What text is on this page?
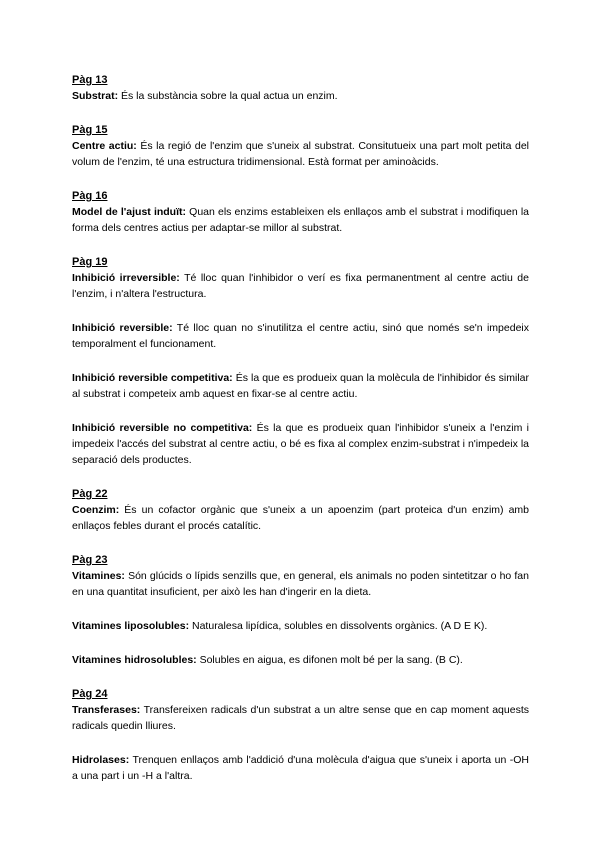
Pàg 13

Substrat: És la substància sobre la qual actua un enzim.

Pàg 15

Centre actiu: És la regió de l'enzim que s'uneix al substrat. Consitutueix una part molt petita del volum de l'enzim, té una estructura tridimensional. Està format per aminoàcids.

Pàg 16

Model de l'ajust induït: Quan els enzims estableixen els enllaços amb el substrat i modifiquen la forma dels centres actius per adaptar-se millor al substrat.

Pàg 19

Inhibició irreversible: Té lloc quan l'inhibidor o verí es fixa permanentment al centre actiu de l'enzim, i n'altera l'estructura.

Inhibició reversible: Té lloc quan no s'inutilitza el centre actiu, sinó que només se'n impedeix temporalment el funcionament.

Inhibició reversible competitiva: És la que es produeix quan la molècula de l'inhibidor és similar al substrat i competeix amb aquest en fixar-se al centre actiu.

Inhibició reversible no competitiva: És la que es produeix quan l'inhibidor s'uneix a l'enzim i impedeix l'accés del substrat al centre actiu, o bé es fixa al complex enzim-substrat i n'impedeix la separació dels productes.

Pàg 22

Coenzim: És un cofactor orgànic que s'uneix a un apoenzim (part proteica d'un enzim) amb enllaços febles durant el procés catalític.

Pàg 23

Vitamines: Són glúcids o lípids senzills que, en general, els animals no poden sintetitzar o ho fan en una quantitat insuficient, per això les han d'ingerir en la dieta.

Vitamines liposolubles: Naturalesa lipídica, solubles en dissolvents orgànics. (A D E K).

Vitamines hidrosolubles: Solubles en aigua, es difonen molt bé per la sang. (B C).

Pàg 24

Transferases: Transfereixen radicals d'un substrat a un altre sense que en cap moment aquests radicals quedin lliures.

Hidrolases: Trenquen enllaços amb l'addició d'una molècula d'aigua que s'uneix i aporta un -OH a una part i un -H a l'altra.
